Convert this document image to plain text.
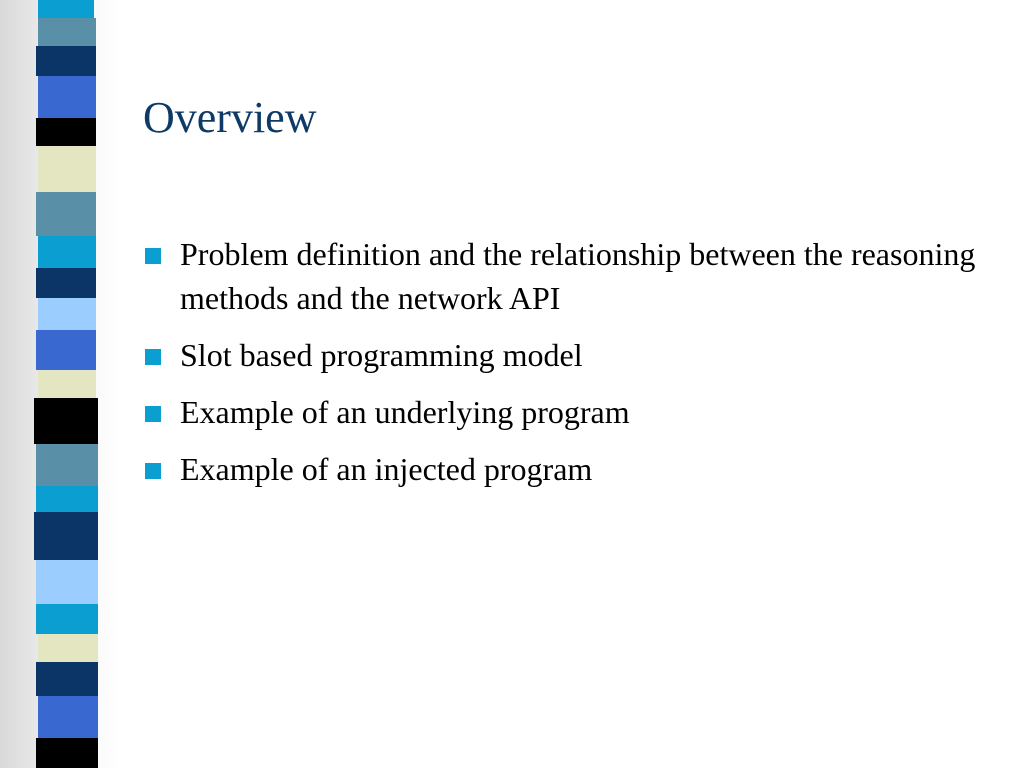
Overview
Problem definition and the relationship between the reasoning methods and the network API
Slot based programming model
Example of an underlying program
Example of an injected program
